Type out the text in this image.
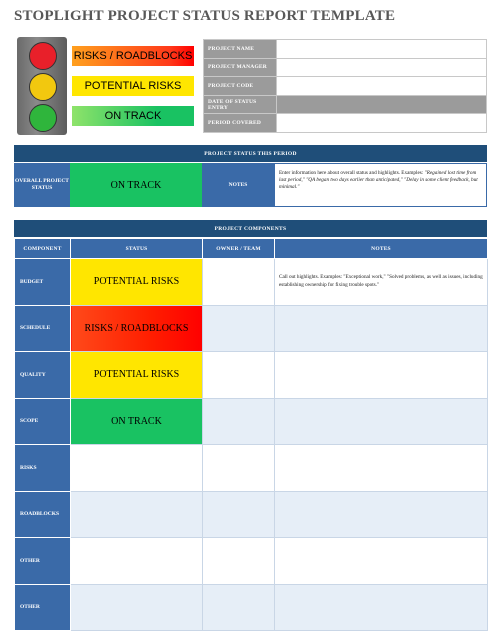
STOPLIGHT PROJECT STATUS REPORT TEMPLATE
RISKS / ROADBLOCKS
POTENTIAL RISKS
ON TRACK
PROJECT NAME	
PROJECT MANAGER	
PROJECT CODE	
DATE OF STATUS ENTRY	
PERIOD COVERED	
PROJECT STATUS THIS PERIOD
OVERALL PROJECT STATUS	ON TRACK	NOTES
Enter information here about overall status and highlights. Examples: "Regained lost time from last period," "QA began two days earlier than anticipated," "Delay in some client feedback, but minimal."
PROJECT COMPONENTS
COMPONENT	STATUS	OWNER / TEAM	NOTES
BUDGET	POTENTIAL RISKS		Call out highlights. Examples: "Exceptional work," "Solved problems, as well as issues, including establishing ownership for fixing trouble spots."

SCHEDULE	RISKS / ROADBLOCKS		

QUALITY	POTENTIAL RISKS		

SCOPE	ON TRACK		

RISKS			

ROADBLOCKS			

OTHER			

OTHER			
